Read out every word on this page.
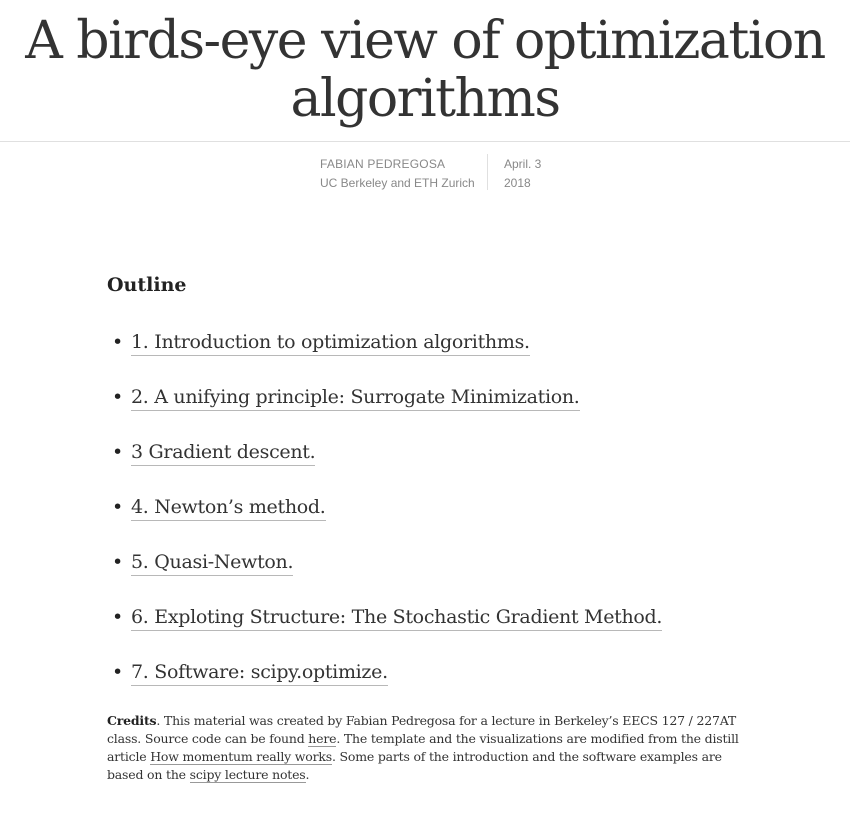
A birds-eye view of optimization
algorithms
FABIAN PEDREGOSA
UC Berkeley and ETH Zurich
April. 3
2018
Outline
• 1. Introduction to optimization algorithms.
• 2. A unifying principle: Surrogate Minimization.
• 3 Gradient descent.
• 4. Newton’s method.
• 5. Quasi-Newton.
• 6. Exploting Structure: The Stochastic Gradient Method.
• 7. Software: scipy.optimize.

Credits. This material was created by Fabian Pedregosa for a lecture in Berkeley’s EECS 127 / 227AT class. Source code can be found here. The template and the visualizations are modified from the distill article How momentum really works. Some parts of the introduction and the software examples are based on the scipy lecture notes.
